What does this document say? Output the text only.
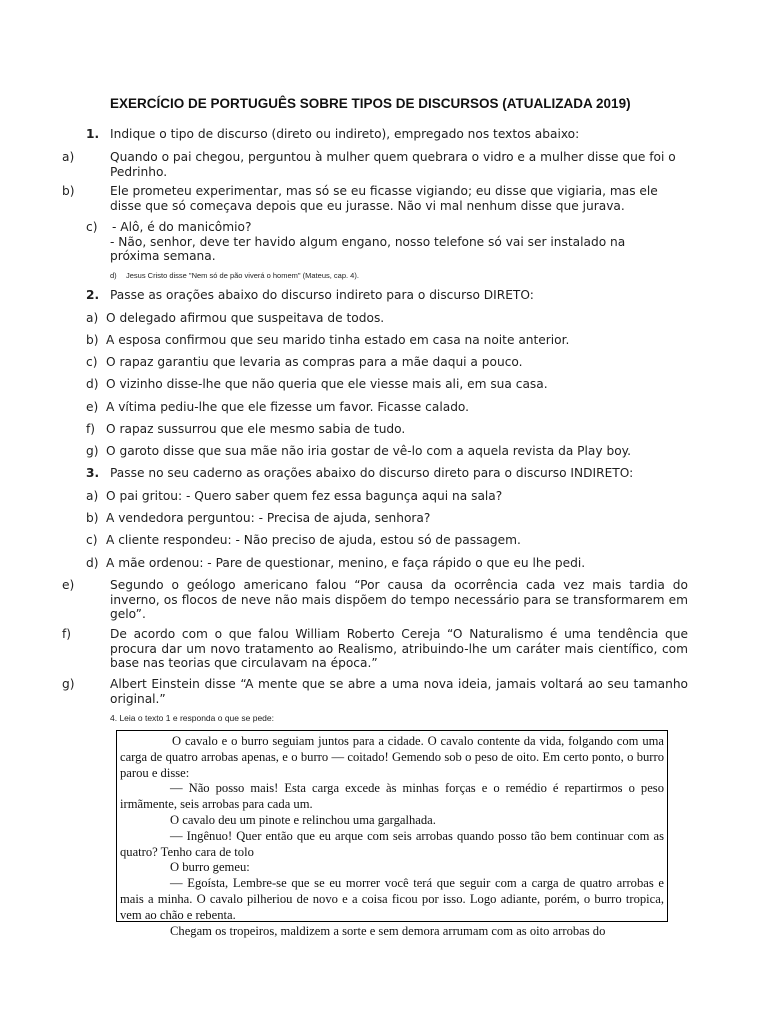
EXERCÍCIO DE PORTUGUÊS SOBRE TIPOS DE DISCURSOS (ATUALIZADA 2019)
1. Indique o tipo de discurso (direto ou indireto), empregado nos textos abaixo:
a)	Quando o pai chegou, perguntou à mulher quem quebrara o vidro e a mulher disse que foi o Pedrinho.
b)	Ele prometeu experimentar, mas só se eu ficasse vigiando; eu disse que vigiaria, mas ele disse que só começava depois que eu jurasse. Não vi mal nenhum disse que jurava.
c) - Alô, é do manicômio?
- Não, senhor, deve ter havido algum engano, nosso telefone só vai ser instalado na próxima semana.
d) Jesus Cristo disse "Nem só de pão viverá o homem" (Mateus, cap. 4).
2. Passe as orações abaixo do discurso indireto para o discurso DIRETO:
a) O delegado afirmou que suspeitava de todos.
b) A esposa confirmou que seu marido tinha estado em casa na noite anterior.
c) O rapaz garantiu que levaria as compras para a mãe daqui a pouco.
d) O vizinho disse-lhe que não queria que ele viesse mais ali, em sua casa.
e) A vítima pediu-lhe que ele fizesse um favor. Ficasse calado.
f) O rapaz sussurrou que ele mesmo sabia de tudo.
g) O garoto disse que sua mãe não iria gostar de vê-lo com a aquela revista da Play boy.
3. Passe no seu caderno as orações abaixo do discurso direto para o discurso INDIRETO:
a) O pai gritou: - Quero saber quem fez essa bagunça aqui na sala?
b) A vendedora perguntou: - Precisa de ajuda, senhora?
c) A cliente respondeu: - Não preciso de ajuda, estou só de passagem.
d) A mãe ordenou: - Pare de questionar, menino, e faça rápido o que eu lhe pedi.
e)	Segundo o geólogo americano falou “Por causa da ocorrência cada vez mais tardia do inverno, os flocos de neve não mais dispõem do tempo necessário para se transformarem em gelo”.
f)	De acordo com o que falou William Roberto Cereja “O Naturalismo é uma tendência que procura dar um novo tratamento ao Realismo, atribuindo-lhe um caráter mais científico, com base nas teorias que circulavam na época.”
g)	Albert Einstein disse “A mente que se abre a uma nova ideia, jamais voltará ao seu tamanho original.”
4. Leia o texto 1 e responda o que se pede:

O cavalo e o burro seguiam juntos para a cidade. O cavalo contente da vida, folgando com uma carga de quatro arrobas apenas, e o burro — coitado! Gemendo sob o peso de oito. Em certo ponto, o burro parou e disse:

— Não posso mais! Esta carga excede às minhas forças e o remédio é repartirmos o peso irmãmente, seis arrobas para cada um.

O cavalo deu um pinote e relinchou uma gargalhada.

— Ingênuo! Quer então que eu arque com seis arrobas quando posso tão bem continuar com as quatro? Tenho cara de tolo

O burro gemeu:

— Egoísta, Lembre-se que se eu morrer você terá que seguir com a carga de quatro arrobas e mais a minha. O cavalo pilheriou de novo e a coisa ficou por isso. Logo adiante, porém, o burro tropica, vem ao chão e rebenta.

Chegam os tropeiros, maldizem a sorte e sem demora arrumam com as oito arrobas do
